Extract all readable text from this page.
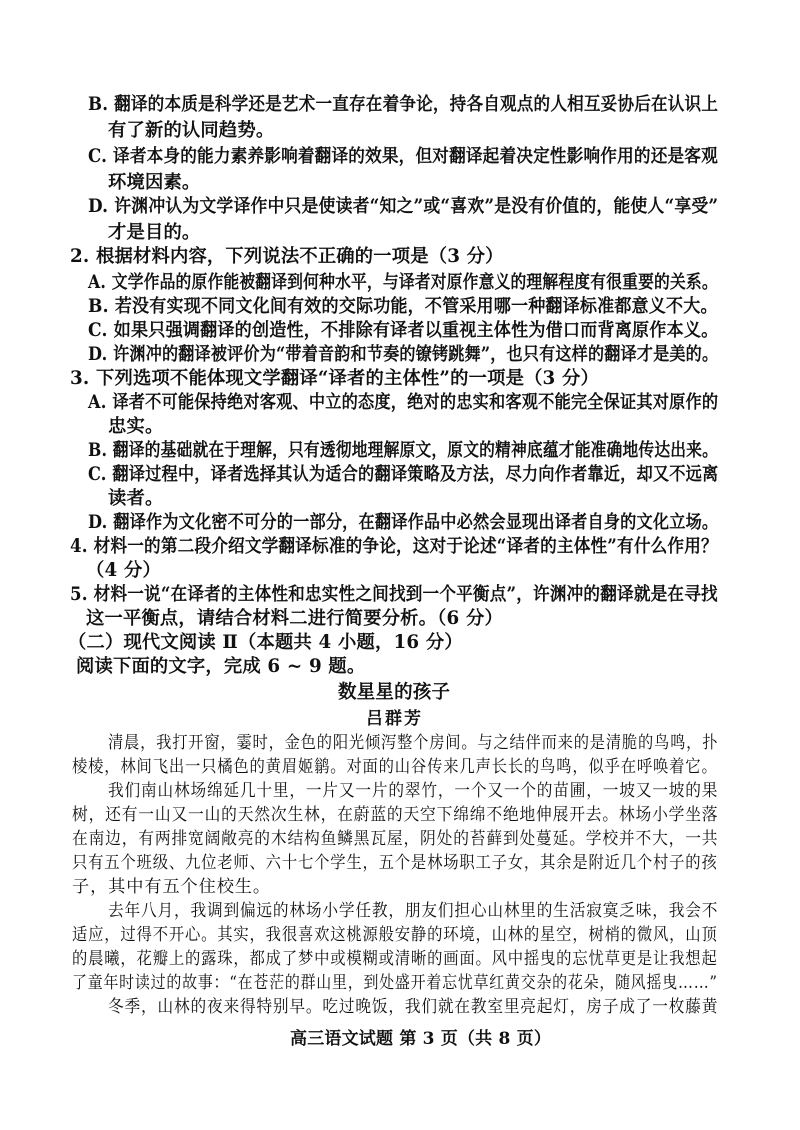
B. 翻译的本质是科学还是艺术一直存在着争论，持各自观点的人相互妥协后在认识上
有了新的认同趋势。
C. 译者本身的能力素养影响着翻译的效果，但对翻译起着决定性影响作用的还是客观
环境因素。
D. 许渊冲认为文学译作中只是使读者“知之”或“喜欢”是没有价值的，能使人“享受”
才是目的。
2. 根据材料内容，下列说法不正确的一项是（3 分）
A. 文学作品的原作能被翻译到何种水平，与译者对原作意义的理解程度有很重要的关系。
B. 若没有实现不同文化间有效的交际功能，不管采用哪一种翻译标准都意义不大。
C. 如果只强调翻译的创造性，不排除有译者以重视主体性为借口而背离原作本义。
D. 许渊冲的翻译被评价为“带着音韵和节奏的镣铐跳舞”，也只有这样的翻译才是美的。
3. 下列选项不能体现文学翻译“译者的主体性”的一项是（3 分）
A. 译者不可能保持绝对客观、中立的态度，绝对的忠实和客观不能完全保证其对原作的
忠实。
B. 翻译的基础就在于理解，只有透彻地理解原文，原文的精神底蕴才能准确地传达出来。
C. 翻译过程中，译者选择其认为适合的翻译策略及方法，尽力向作者靠近，却又不远离
读者。
D. 翻译作为文化密不可分的一部分，在翻译作品中必然会显现出译者自身的文化立场。
4. 材料一的第二段介绍文学翻译标准的争论，这对于论述“译者的主体性”有什么作用？
（4 分）
5. 材料一说“在译者的主体性和忠实性之间找到一个平衡点”，许渊冲的翻译就是在寻找
这一平衡点，请结合材料二进行简要分析。（6 分）
（二）现代文阅读 Ⅱ（本题共 4 小题，16 分）
阅读下面的文字，完成 6 ~ 9 题。
数星星的孩子
吕群芳
清晨，我打开窗，霎时，金色的阳光倾泻整个房间。与之结伴而来的是清脆的鸟鸣，扑
棱棱，林间飞出一只橘色的黄眉姬鹟。对面的山谷传来几声长长的鸟鸣，似乎在呼唤着它。
我们南山林场绵延几十里，一片又一片的翠竹，一个又一个的苗圃，一坡又一坡的果
树，还有一山又一山的天然次生林，在蔚蓝的天空下绵绵不绝地伸展开去。林场小学坐落
在南边，有两排宽阔敞亮的木结构鱼鳞黑瓦屋，阴处的苔藓到处蔓延。学校并不大，一共
只有五个班级、九位老师、六十七个学生，五个是林场职工子女，其余是附近几个村子的孩
子，其中有五个住校生。
去年八月，我调到偏远的林场小学任教，朋友们担心山林里的生活寂寞乏味，我会不
适应，过得不开心。其实，我很喜欢这桃源般安静的环境，山林的星空，树梢的微风，山顶
的晨曦，花瓣上的露珠，都成了梦中或模糊或清晰的画面。风中摇曳的忘忧草更是让我想起
了童年时读过的故事：“在苍茫的群山里，到处盛开着忘忧草红黄交杂的花朵，随风摇曳……”
冬季，山林的夜来得特别早。吃过晚饭，我们就在教室里亮起灯，房子成了一枚藤黄
高三语文试题 第 3 页（共 8 页）
